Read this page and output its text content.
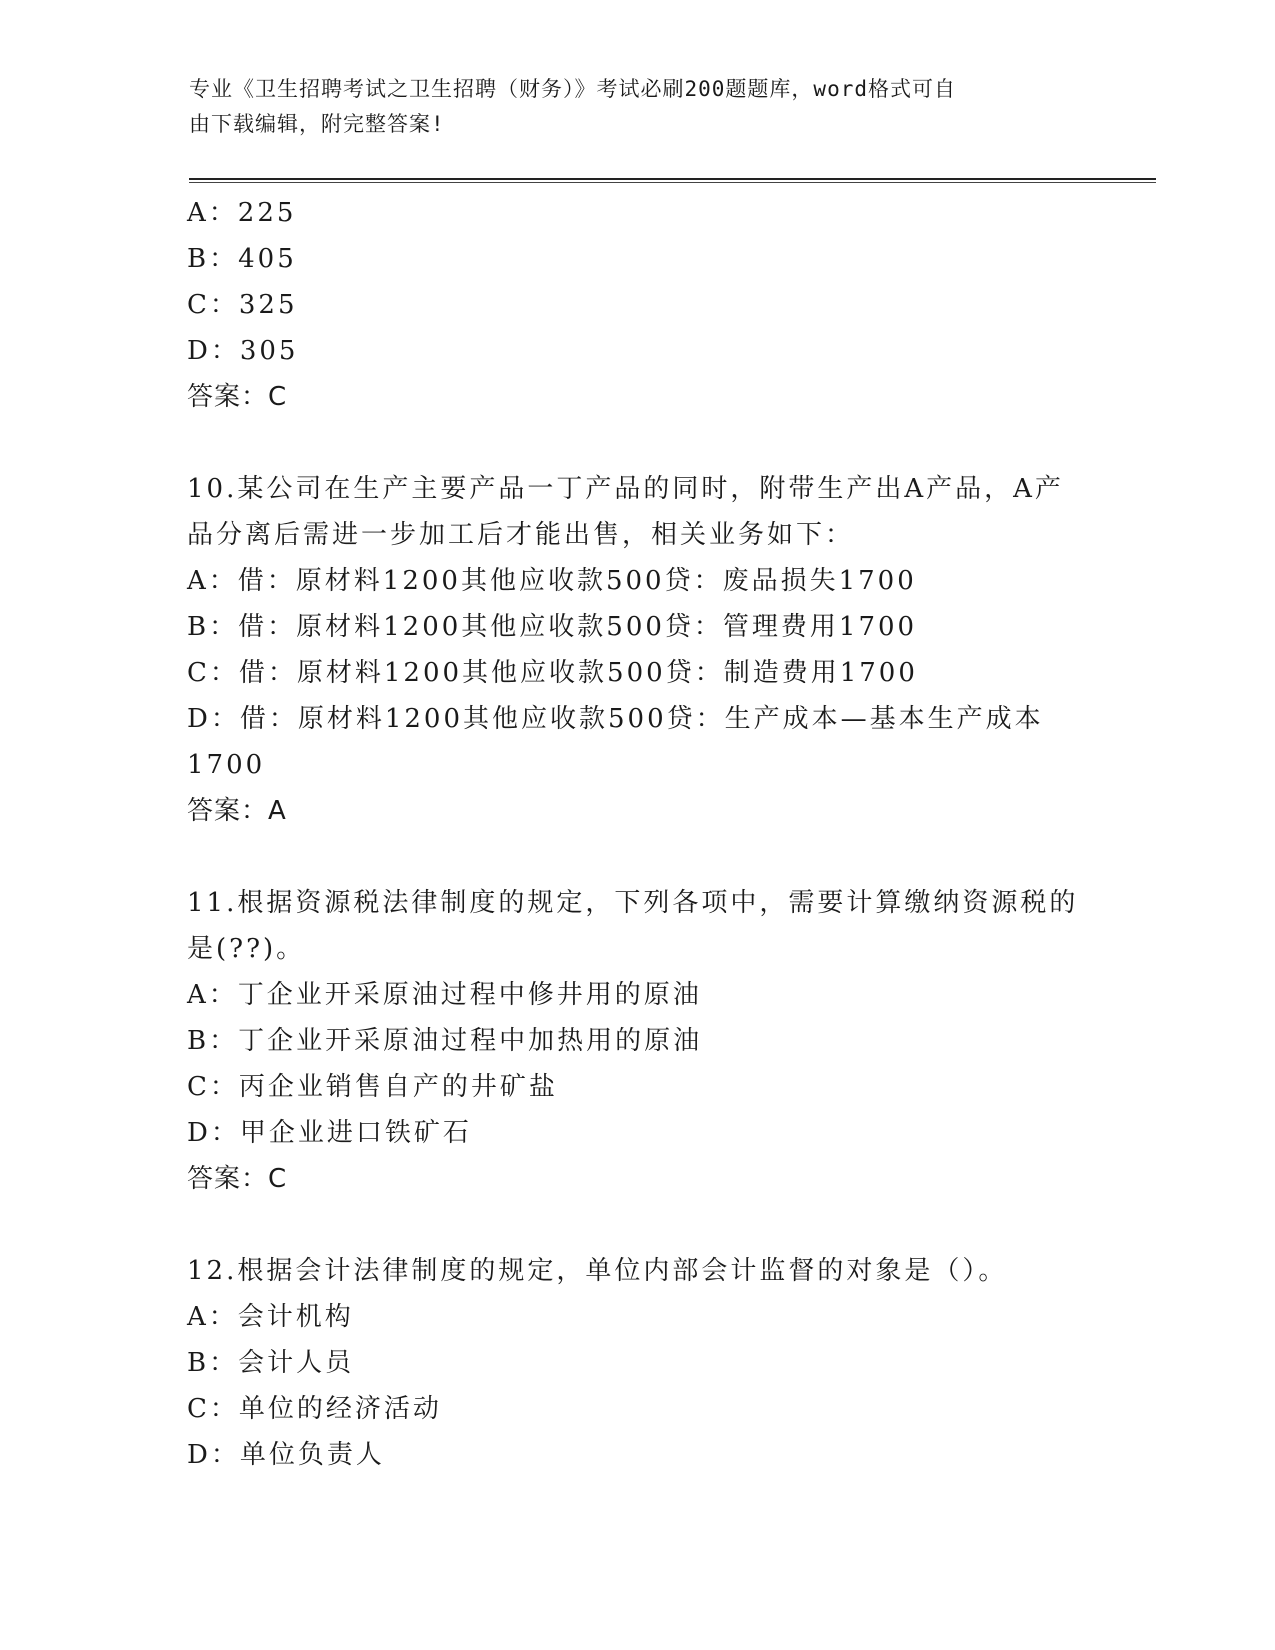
专业《卫生招聘考试之卫生招聘（财务）》考试必刷200题题库，word格式可自
由下载编辑，附完整答案!
A：225
B：405
C：325
D：305
答案：C
10.某公司在生产主要产品一丁产品的同时，附带生产出A产品，A产
品分离后需进一步加工后才能出售，相关业务如下：
A：借：原材料1200其他应收款500贷：废品损失1700
B：借：原材料1200其他应收款500贷：管理费用1700
C：借：原材料1200其他应收款500贷：制造费用1700
D：借：原材料1200其他应收款500贷：生产成本—基本生产成本
1700
答案：A
11.根据资源税法律制度的规定，下列各项中，需要计算缴纳资源税的
是(??)。
A：丁企业开采原油过程中修井用的原油
B：丁企业开采原油过程中加热用的原油
C：丙企业销售自产的井矿盐
D：甲企业进口铁矿石
答案：C
12.根据会计法律制度的规定，单位内部会计监督的对象是（）。
A：会计机构
B：会计人员
C：单位的经济活动
D：单位负责人
